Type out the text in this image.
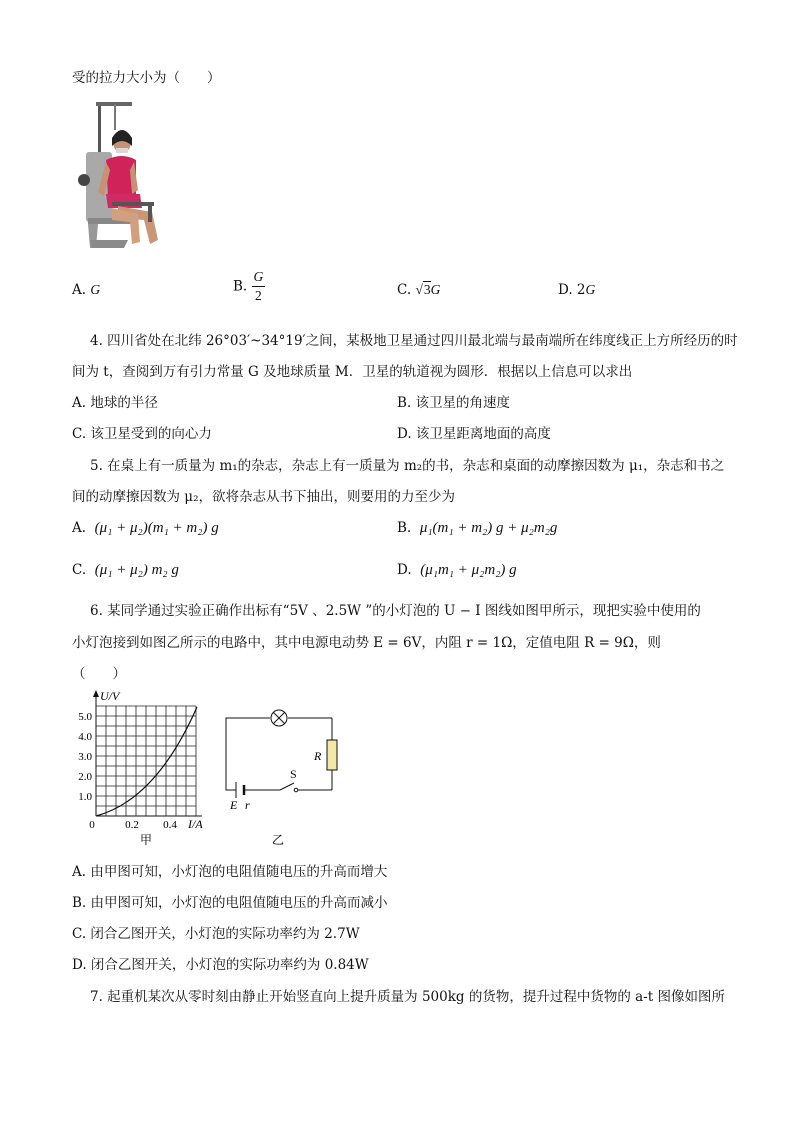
受的拉力大小为（　　）
A. G	B. $\frac{G}{2}$	C. √3G	D. 2G
4. 四川省处在北纬 26°03′~34°19′之间，某极地卫星通过四川最北端与最南端所在纬度线正上方所经历的时
间为 t，查阅到万有引力常量 G 及地球质量 M．卫星的轨道视为圆形．根据以上信息可以求出
A. 地球的半径	B. 该卫星的角速度
C. 该卫星受到的向心力	D. 该卫星距离地面的高度
5. 在桌上有一质量为 m₁的杂志，杂志上有一质量为 m₂的书，杂志和桌面的动摩擦因数为 μ₁，杂志和书之
间的动摩擦因数为 μ₂，欲将杂志从书下抽出，则要用的力至少为
A. (μ₁ + μ₂)(m₁ + m₂) g	B. μ₁(m₁ + m₂) g + μ₂m₂g
C. (μ₁ + μ₂) m₂ g	D. (μ₁m₁ + μ₂m₂) g
6. 某同学通过实验正确作出标有“5V 、2.5W ”的小灯泡的 U − I 图线如图甲所示，现把实验中使用的
小灯泡接到如图乙所示的电路中，其中电源电动势 E = 6V，内阻 r = 1Ω，定值电阻 R = 9Ω，则
（　　）
U/V
5.0
4.0
3.0
2.0
1.0
0	0.2 0.4 I/A
甲
R
E r
S
乙
A. 由甲图可知，小灯泡的电阻值随电压的升高而增大
B. 由甲图可知，小灯泡的电阻值随电压的升高而减小
C. 闭合乙图开关，小灯泡的实际功率约为 2.7W
D. 闭合乙图开关，小灯泡的实际功率约为 0.84W
7. 起重机某次从零时刻由静止开始竖直向上提升质量为 500kg 的货物，提升过程中货物的 a-t 图像如图所
